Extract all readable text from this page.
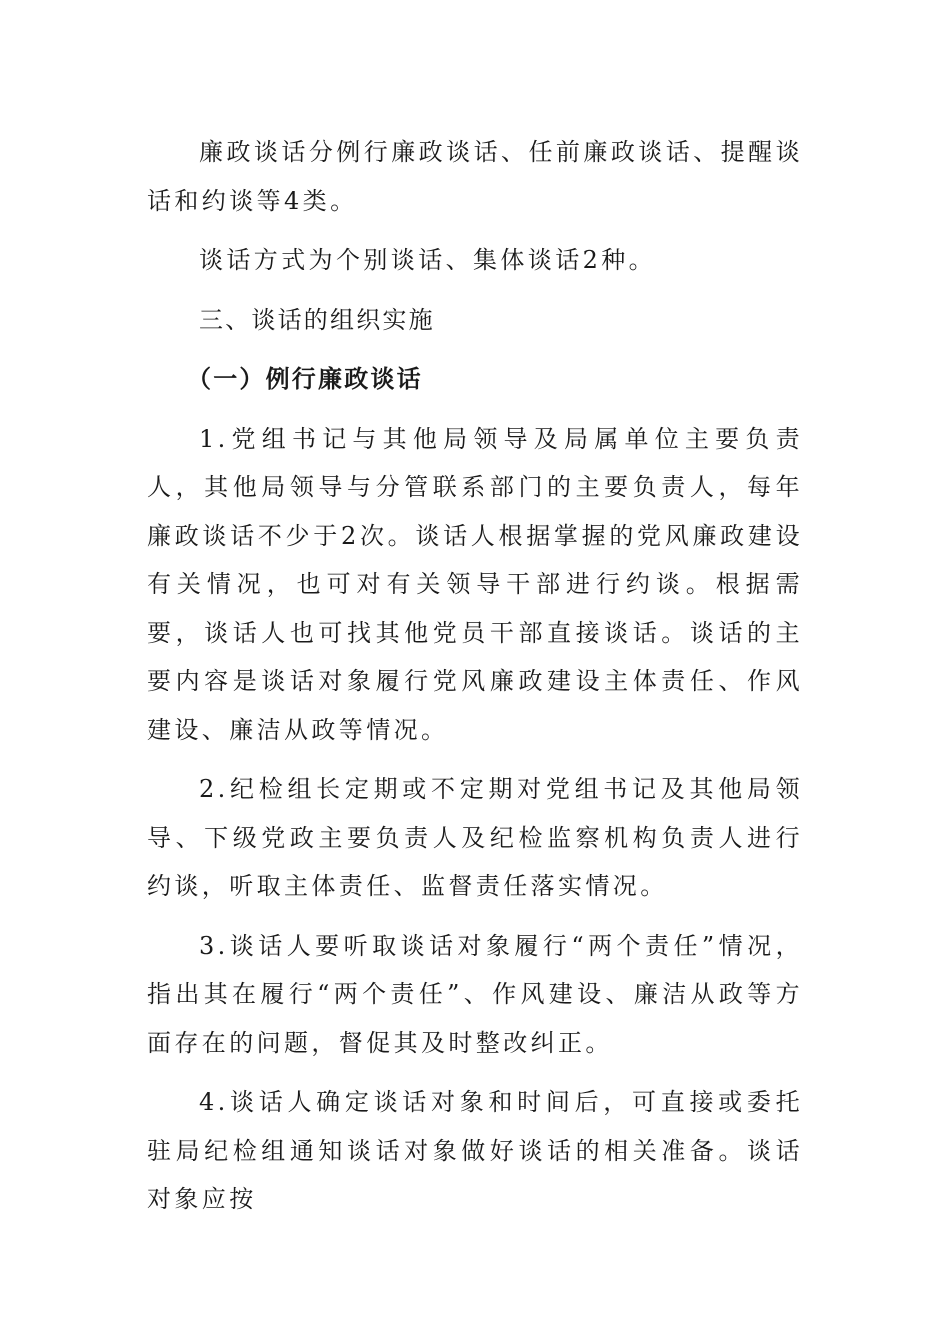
廉政谈话分例行廉政谈话、任前廉政谈话、提醒谈话和约谈等4类。

谈话方式为个别谈话、集体谈话2种。

三、谈话的组织实施

（一）例行廉政谈话

1.党组书记与其他局领导及局属单位主要负责人，其他局领导与分管联系部门的主要负责人，每年廉政谈话不少于2次。谈话人根据掌握的党风廉政建设有关情况，也可对有关领导干部进行约谈。根据需要，谈话人也可找其他党员干部直接谈话。谈话的主要内容是谈话对象履行党风廉政建设主体责任、作风建设、廉洁从政等情况。

2.纪检组长定期或不定期对党组书记及其他局领导、下级党政主要负责人及纪检监察机构负责人进行约谈，听取主体责任、监督责任落实情况。

3.谈话人要听取谈话对象履行“两个责任”情况，指出其在履行“两个责任”、作风建设、廉洁从政等方面存在的问题，督促其及时整改纠正。

4.谈话人确定谈话对象和时间后，可直接或委托驻局纪检组通知谈话对象做好谈话的相关准备。谈话对象应按
